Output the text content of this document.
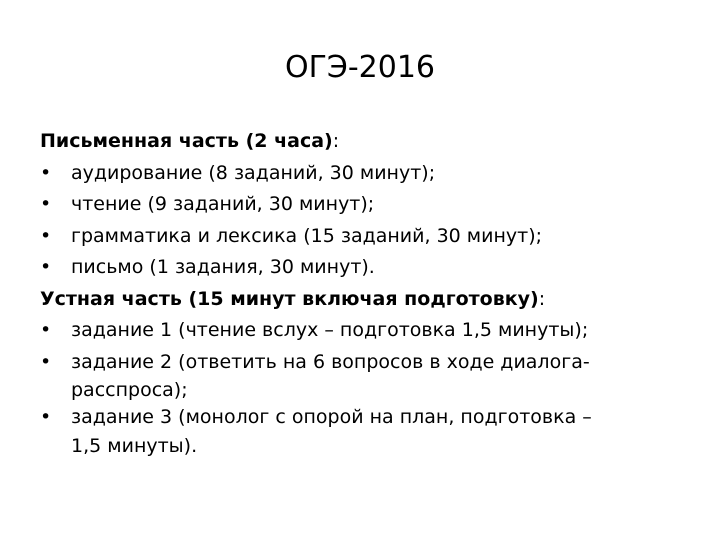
ОГЭ-2016

Письменная часть (2 часа):

•	аудирование (8 заданий, 30 минут);
•	чтение (9 заданий, 30 минут);
•	грамматика и лексика (15 заданий, 30 минут);
•	письмо (1 задания, 30 минут).

Устная часть (15 минут включая подготовку):

•	задание 1 (чтение вслух – подготовка 1,5 минуты);
•	задание 2 (ответить на 6 вопросов в ходе диалога-
расспроса);
•	задание 3 (монолог с опорой на план, подготовка –
1,5 минуты).
